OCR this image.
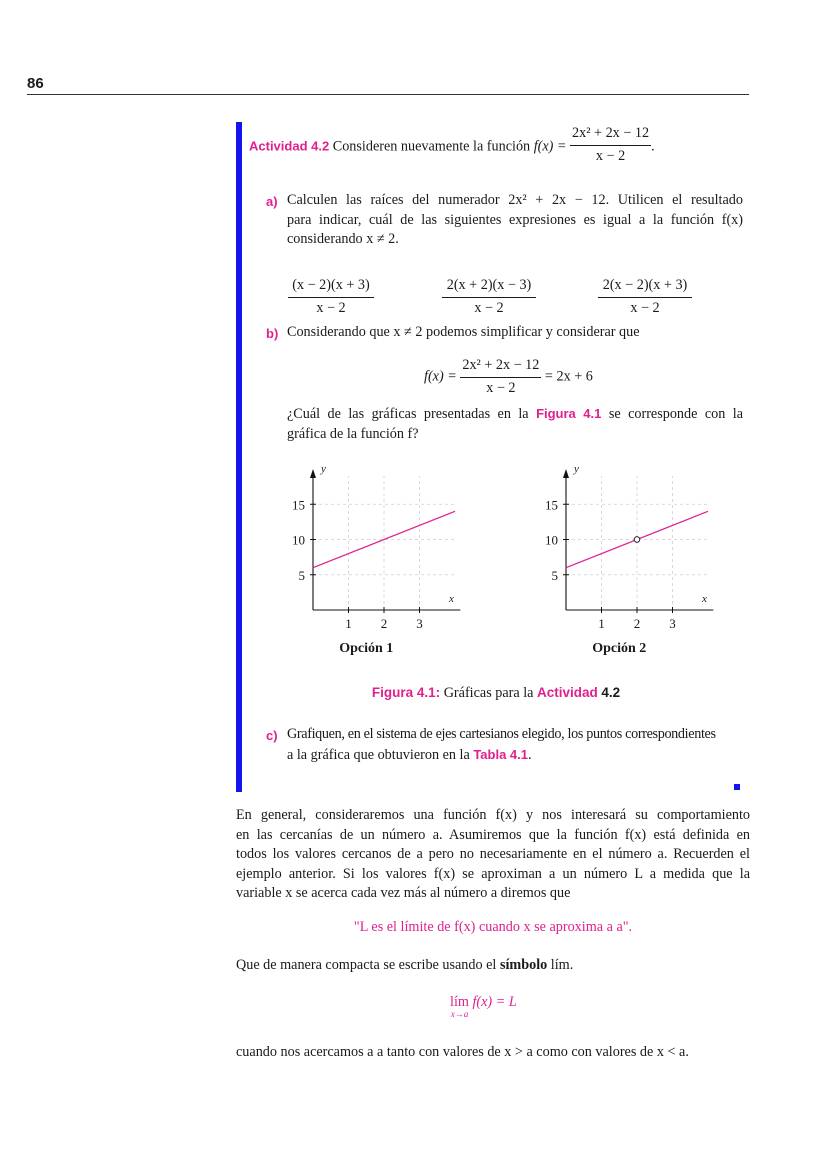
86
Actividad 4.2 Consideren nuevamente la función $f(x) = \frac{\text{2x² + 2x − 12}}{x - 2}$ .
a) Calculen las raíces del numerador 2x² + 2x − 12. Utilicen el resultado
para indicar, cuál de las siguientes expresiones es igual a la función f(x)
considerando x ≠ 2.
$\frac{(x - 2)(x + 3)}{x - 2}$	$\frac{2(x + 2)(x - 3)}{x - 2}$	$\frac{2(x - 2)(x + 3)}{x - 2}$
b) Considerando que x ≠ 2 podemos simplificar y considerar que
$f(x) = \frac{\text{2x² + 2x − 12}}{x - 2} = 2x + 6$
¿Cuál de las gráficas presentadas en la Figura 4.1 se corresponde con la
gráfica de la función f?
1 2 3
5
10
15
y
x
Opción 1
1 2 3
5
10
15
y
x
Opción 2
Figura 4.1: Gráficas para la Actividad 4.2
c) Grafiquen, en el sistema de ejes cartesianos elegido, los puntos correspondientes
a la gráfica que obtuvieron en la Tabla 4.1.
En general, consideraremos una función f(x) y nos interesará su comportamiento
en las cercanías de un número a. Asumiremos que la función f(x) está definida en
todos los valores cercanos de a pero no necesariamente en el número a. Recuerden el
ejemplo anterior. Si los valores f(x) se aproximan a un número L a medida que la
variable x se acerca cada vez más al número a diremos que
"L es el límite de f(x) cuando x se aproxima a a".
Que de manera compacta se escribe usando el símbolo lím.
lím
x→a
f(x) = L
cuando nos acercamos a a tanto con valores de x > a como con valores de x < a.
